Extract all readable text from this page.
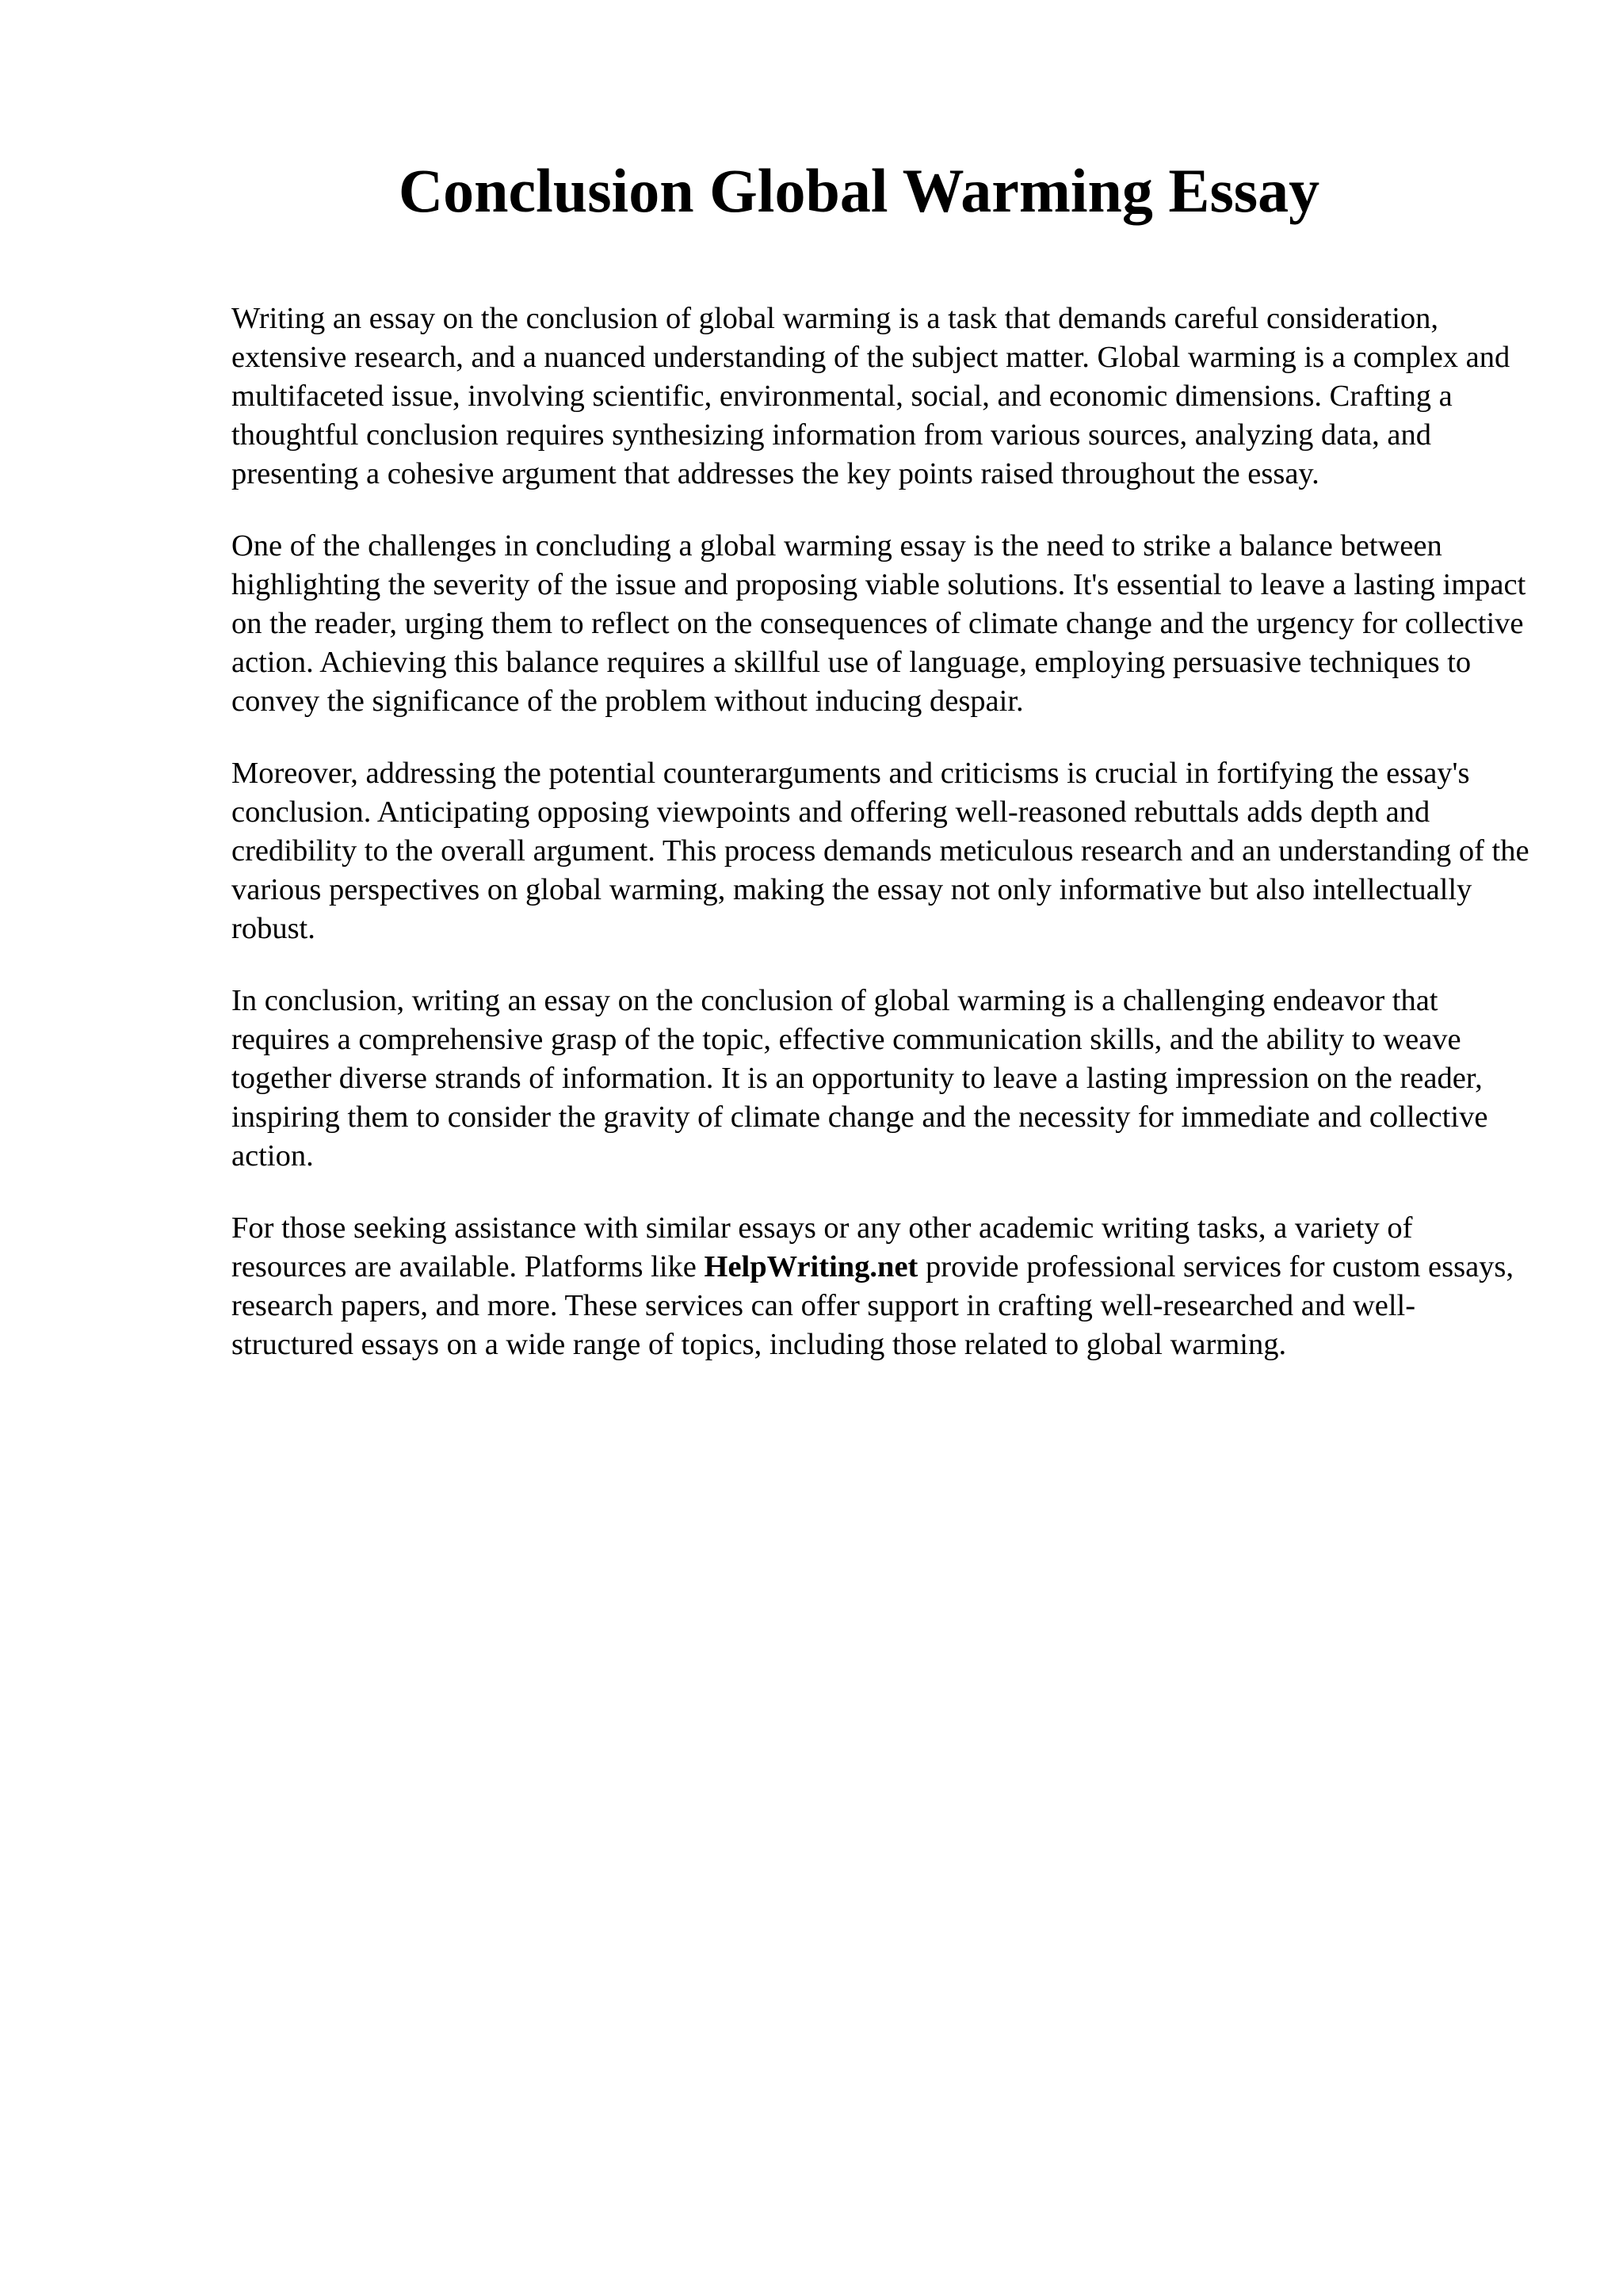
Conclusion Global Warming Essay

Writing an essay on the conclusion of global warming is a task that demands careful consideration, extensive research, and a nuanced understanding of the subject matter. Global warming is a complex and multifaceted issue, involving scientific, environmental, social, and economic dimensions. Crafting a thoughtful conclusion requires synthesizing information from various sources, analyzing data, and presenting a cohesive argument that addresses the key points raised throughout the essay.

One of the challenges in concluding a global warming essay is the need to strike a balance between highlighting the severity of the issue and proposing viable solutions. It's essential to leave a lasting impact on the reader, urging them to reflect on the consequences of climate change and the urgency for collective action. Achieving this balance requires a skillful use of language, employing persuasive techniques to convey the significance of the problem without inducing despair.

Moreover, addressing the potential counterarguments and criticisms is crucial in fortifying the essay's conclusion. Anticipating opposing viewpoints and offering well-reasoned rebuttals adds depth and credibility to the overall argument. This process demands meticulous research and an understanding of the various perspectives on global warming, making the essay not only informative but also intellectually robust.

In conclusion, writing an essay on the conclusion of global warming is a challenging endeavor that requires a comprehensive grasp of the topic, effective communication skills, and the ability to weave together diverse strands of information. It is an opportunity to leave a lasting impression on the reader, inspiring them to consider the gravity of climate change and the necessity for immediate and collective action.

For those seeking assistance with similar essays or any other academic writing tasks, a variety of resources are available. Platforms like HelpWriting.net provide professional services for custom essays, research papers, and more. These services can offer support in crafting well-researched and well-structured essays on a wide range of topics, including those related to global warming.
